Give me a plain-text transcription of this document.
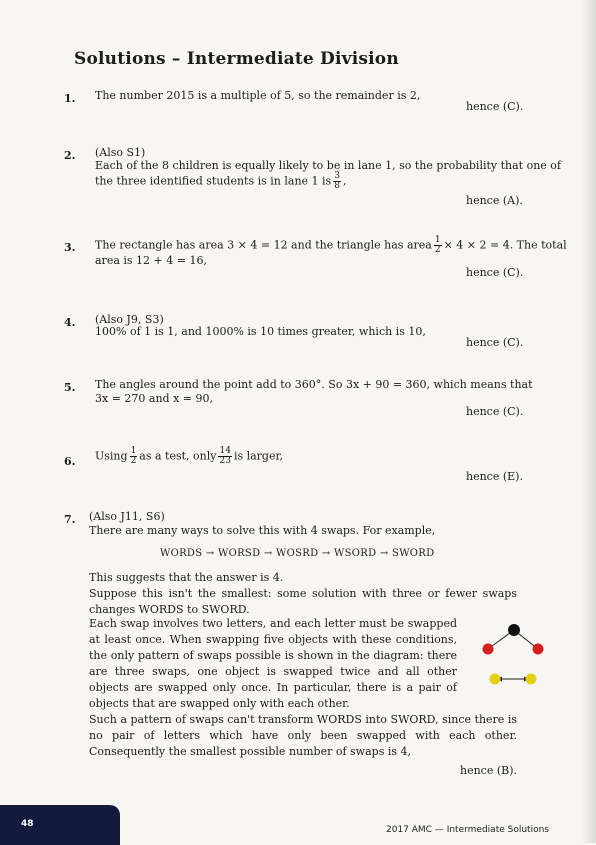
Solutions – Intermediate Division
1. The number 2015 is a multiple of 5, so the remainder is 2,
hence (C).
2. (Also S1)
Each of the 8 children is equally likely to be in lane 1, so the probability that one of
the three identified students is in lane 1 is $\frac{3}{8}$ ,
hence (A).
3. The rectangle has area 3 × 4 = 12 and the triangle has area $\frac{1}{2} \times 4 \times 2 = 4$. The total
area is 12 + 4 = 16,
hence (C).
4. (Also J9, S3)
100% of 1 is 1, and 1000% is 10 times greater, which is 10,
hence (C).
5. The angles around the point add to 360°. So 3x + 90 = 360, which means that
3x = 270 and x = 90,
hence (C).
6. Using $\frac{1}{2}$ as a test, only $\frac{14}{23}$ is larger,
hence (E).
7. (Also J11, S6)
There are many ways to solve this with 4 swaps. For example,
WORDS → WORSD → WOSRD → WSORD → SWORD
This suggests that the answer is 4.
Suppose this isn't the smallest: some solution with three or fewer swaps changes WORDS to SWORD.
Each swap involves two letters, and each letter must be swapped at least once. When swapping five objects with these conditions, the only pattern of swaps possible is shown in the diagram: there are three swaps, one object is swapped twice and all other objects are swapped only once. In particular, there is a pair of objects that are swapped only with each other.
Such a pattern of swaps can't transform WORDS into SWORD, since there is no pair of letters which have only been swapped with each other. Consequently the smallest possible number of swaps is 4,
hence (B).
48
2017 AMC — Intermediate Solutions
